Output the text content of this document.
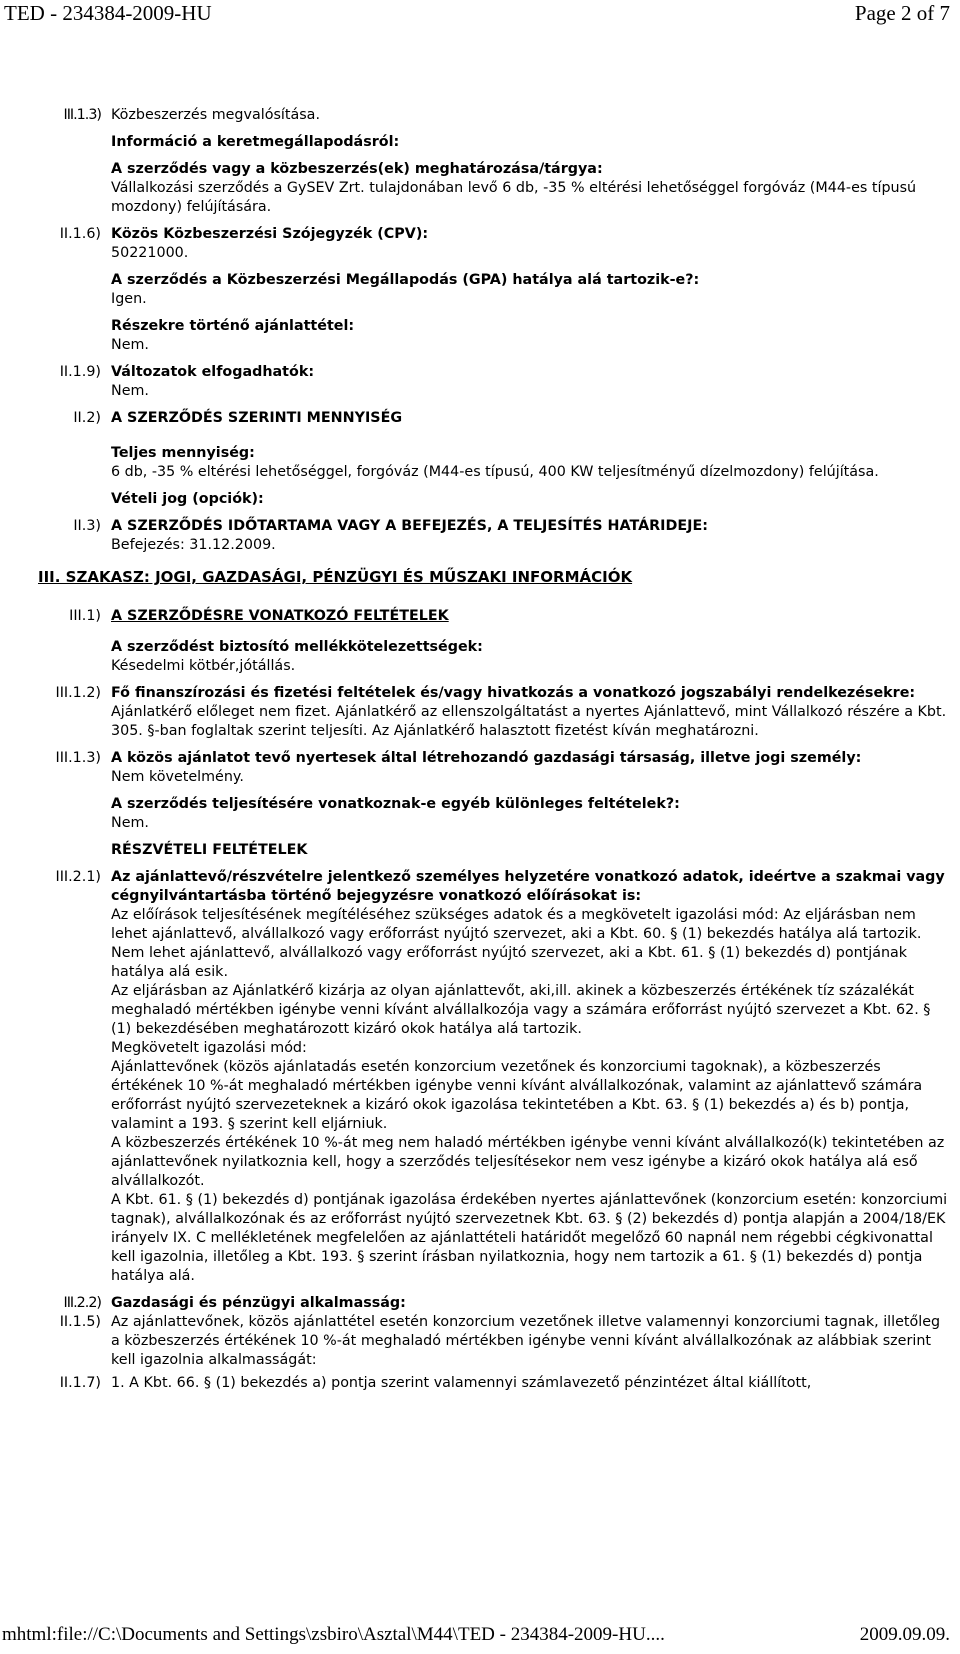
TED - 234384-2009-HU	Page 2 of 7
III.1.3) Közbeszerzés megvalósítása.
Információ a keretmegállapodásról:
A szerződés vagy a közbeszerzés(ek) meghatározása/tárgya:
Vállalkozási szerződés a GySEV Zrt. tulajdonában levő 6 db, -35 % eltérési lehetőséggel forgóváz (M44-es típusú mozdony) felújítására.
II.1.6) Közös Közbeszerzési Szójegyzék (CPV):
50221000.
A szerződés a Közbeszerzési Megállapodás (GPA) hatálya alá tartozik-e?:
Igen.
Részekre történő ajánlattétel:
Nem.
II.1.9) Változatok elfogadhatók:
Nem.
II.2) A SZERZŐDÉS SZERINTI MENNYISÉG
Teljes mennyiség:
6 db, -35 % eltérési lehetőséggel, forgóváz (M44-es típusú, 400 KW teljesítményű dízelmozdony) felújítása.
Vételi jog (opciók):
II.3) A SZERZŐDÉS IDŐTARTAMA VAGY A BEFEJEZÉS, A TELJESÍTÉS HATÁRIDEJE:
Befejezés: 31.12.2009.
III. SZAKASZ: JOGI, GAZDASÁGI, PÉNZÜGYI ÉS MŰSZAKI INFORMÁCIÓK
III.1) A SZERZŐDÉSRE VONATKOZÓ FELTÉTELEK
A szerződést biztosító mellékkötelezettségek:
Késedelmi kötbér,jótállás.
III.1.2) Fő finanszírozási és fizetési feltételek és/vagy hivatkozás a vonatkozó jogszabályi rendelkezésekre:
Ajánlatkérő előleget nem fizet. Ajánlatkérő az ellenszolgáltatást a nyertes Ajánlattevő, mint Vállalkozó részére a Kbt. 305. §-ban foglaltak szerint teljesíti. Az Ajánlatkérő halasztott fizetést kíván meghatározni.
III.1.3) A közös ajánlatot tevő nyertesek által létrehozandó gazdasági társaság, illetve jogi személy:
Nem követelmény.
A szerződés teljesítésére vonatkoznak-e egyéb különleges feltételek?:
Nem.
RÉSZVÉTELI FELTÉTELEK
III.2.1) Az ajánlattevő/részvételre jelentkező személyes helyzetére vonatkozó adatok, ideértve a szakmai vagy cégnyilvántartásba történő bejegyzésre vonatkozó előírásokat is:
Az előírások teljesítésének megítéléséhez szükséges adatok és a megkövetelt igazolási mód: Az eljárásban nem lehet ajánlattevő, alvállalkozó vagy erőforrást nyújtó szervezet, aki a Kbt. 60. § (1) bekezdés hatálya alá tartozik.
Nem lehet ajánlattevő, alvállalkozó vagy erőforrást nyújtó szervezet, aki a Kbt. 61. § (1) bekezdés d) pontjának hatálya alá esik.
Az eljárásban az Ajánlatkérő kizárja az olyan ajánlattevőt, aki,ill. akinek a közbeszerzés értékének tíz százalékát meghaladó mértékben igénybe venni kívánt alvállalkozója vagy a számára erőforrást nyújtó szervezet a Kbt. 62. § (1) bekezdésében meghatározott kizáró okok hatálya alá tartozik.
Megkövetelt igazolási mód:
Ajánlattevőnek (közös ajánlatadás esetén konzorcium vezetőnek és konzorciumi tagoknak), a közbeszerzés értékének 10 %-át meghaladó mértékben igénybe venni kívánt alvállalkozónak, valamint az ajánlattevő számára erőforrást nyújtó szervezeteknek a kizáró okok igazolása tekintetében a Kbt. 63. § (1) bekezdés a) és b) pontja, valamint a 193. § szerint kell eljárniuk.
A közbeszerzés értékének 10 %-át meg nem haladó mértékben igénybe venni kívánt alvállalkozó(k) tekintetében az ajánlattevőnek nyilatkoznia kell, hogy a szerződés teljesítésekor nem vesz igénybe a kizáró okok hatálya alá eső alvállalkozót.
A Kbt. 61. § (1) bekezdés d) pontjának igazolása érdekében nyertes ajánlattevőnek (konzorcium esetén: konzorciumi tagnak), alvállalkozónak és az erőforrást nyújtó szervezetnek Kbt. 63. § (2) bekezdés d) pontja alapján a 2004/18/EK irányelv IX. C mellékletének megfelelően az ajánlattételi határidőt megelőző 60 napnál nem régebbi cégkivonattal kell igazolnia, illetőleg a Kbt. 193. § szerint írásban nyilatkoznia, hogy nem tartozik a 61. § (1) bekezdés d) pontja hatálya alá.
III.2.2) Gazdasági és pénzügyi alkalmasság:
II.1.5) Az ajánlattevőnek, közös ajánlattétel esetén konzorcium vezetőnek illetve valamennyi konzorciumi tagnak, illetőleg a közbeszerzés értékének 10 %-át meghaladó mértékben igénybe venni kívánt alvállalkozónak az alábbiak szerint kell igazolnia alkalmasságát:
II.1.7) 1. A Kbt. 66. § (1) bekezdés a) pontja szerint valamennyi számlavezető pénzintézet által kiállított,
mhtml:file://C:\Documents and Settings\zsbiro\Asztal\M44\TED - 234384-2009-HU....	2009.09.09.
